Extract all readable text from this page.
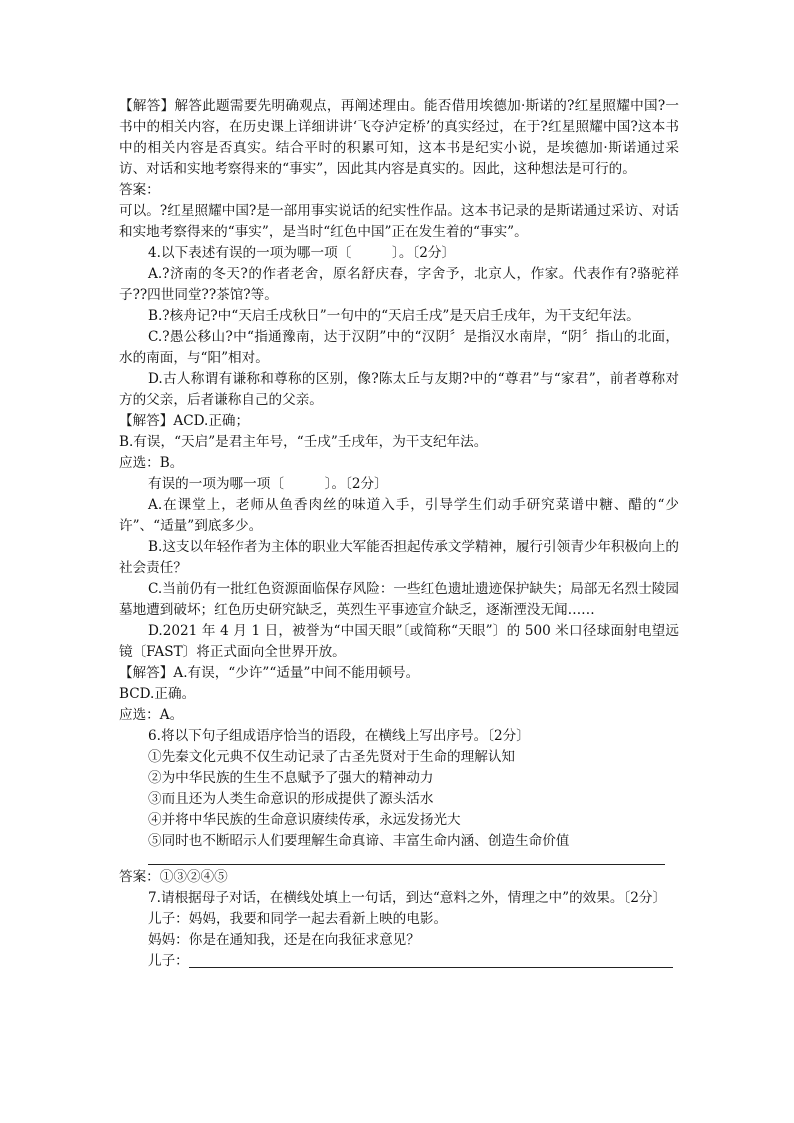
【解答】解答此题需要先明确观点，再阐述理由。能否借用埃德加·斯诺的?红星照耀中国?一书中的相关内容，在历史课上详细讲讲‘飞夺泸定桥’的真实经过，在于?红星照耀中国?这本书中的相关内容是否真实。结合平时的积累可知，这本书是纪实小说，是埃德加·斯诺通过采访、对话和实地考察得来的“事实”，因此其内容是真实的。因此，这种想法是可行的。

答案：

可以。?红星照耀中国?是一部用事实说话的纪实性作品。这本书记录的是斯诺通过采访、对话和实地考察得来的“事实”，是当时“红色中国”正在发生着的“事实”。

4.以下表述有误的一项为哪一项〔　　　〕。〔2分〕

A.?济南的冬天?的作者老舍，原名舒庆春，字舍予，北京人，作家。代表作有?骆驼祥子??四世同堂??茶馆?等。

B.?核舟记?中“天启壬戌秋日”一句中的“天启壬戌”是天启壬戌年，为干支纪年法。

C.?愚公移山?中“指通豫南，达于汉阴”中的“汉阴〞是指汉水南岸，“阴〞指山的北面，水的南面，与“阳”相对。

D.古人称谓有谦称和尊称的区别，像?陈太丘与友期?中的“尊君”与“家君”，前者尊称对方的父亲，后者谦称自己的父亲。

【解答】ACD.正确；

B.有误，“天启”是君主年号，“壬戌”壬戌年，为干支纪年法。

应选：B。

有误的一项为哪一项〔　　　〕。〔2分〕

A.在课堂上，老师从鱼香肉丝的味道入手，引导学生们动手研究菜谱中糖、醋的“少许”、“适量”到底多少。

B.这支以年轻作者为主体的职业大军能否担起传承文学精神，履行引领青少年积极向上的社会责任？

C.当前仍有一批红色资源面临保存风险：一些红色遗址遗迹保护缺失；局部无名烈士陵园墓地遭到破坏；红色历史研究缺乏，英烈生平事迹宣介缺乏，逐渐湮没无闻……

D.2021 年 4 月 1 日，被誉为“中国天眼”〔或简称“天眼”〕的 500 米口径球面射电望远镜〔FAST〕将正式面向全世界开放。

【解答】A.有误，“少许”“适量”中间不能用顿号。

BCD.正确。

应选：A。

6.将以下句子组成语序恰当的语段，在横线上写出序号。〔2分〕

①先秦文化元典不仅生动记录了古圣先贤对于生命的理解认知

②为中华民族的生生不息赋予了强大的精神动力

③而且还为人类生命意识的形成提供了源头活水

④并将中华民族的生命意识赓续传承，永远发扬光大

⑤同时也不断昭示人们要理解生命真谛、丰富生命内涵、创造生命价值

答案：①③②④⑤

7.请根据母子对话，在横线处填上一句话，到达“意料之外，情理之中”的效果。〔2分〕

儿子：妈妈，我要和同学一起去看新上映的电影。

妈妈：你是在通知我，还是在向我征求意见？

儿子：
